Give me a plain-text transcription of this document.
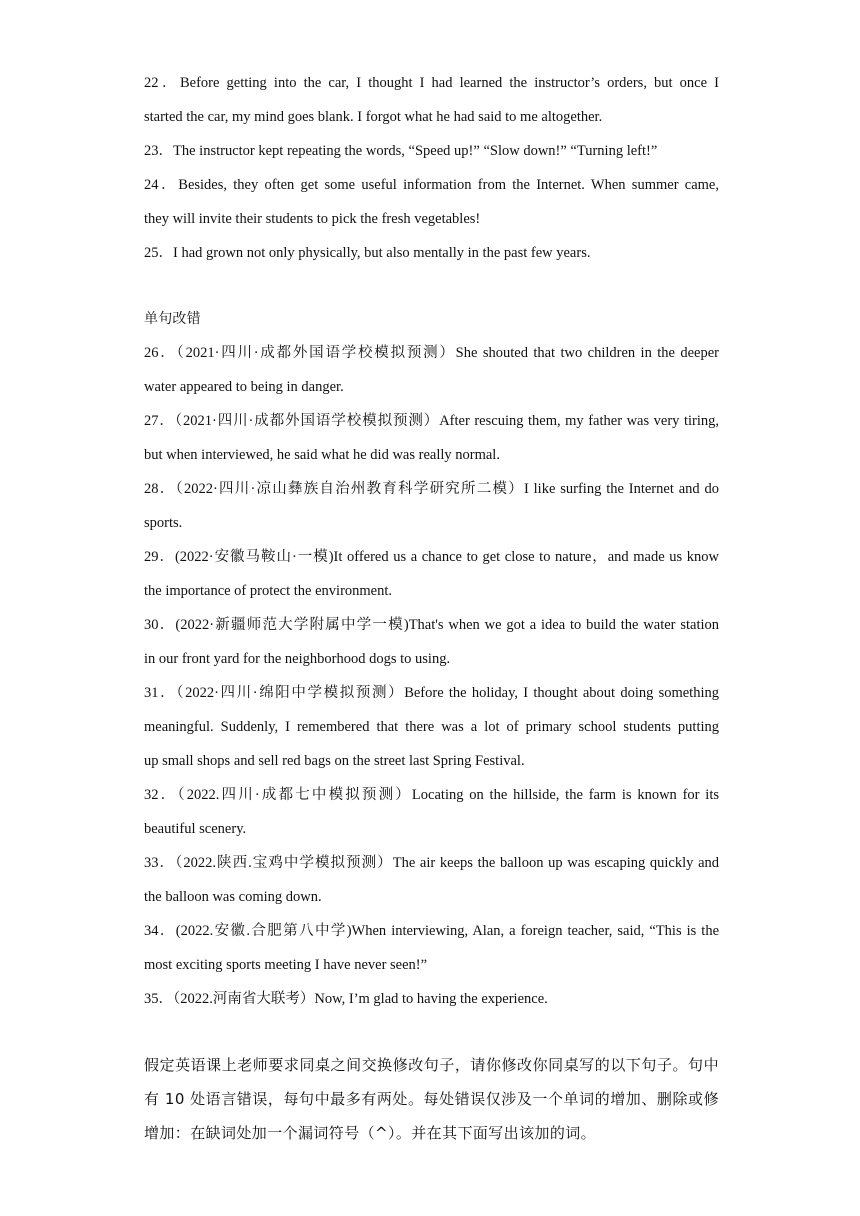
22．Before getting into the car, I thought I had learned the instructor’s orders, but once I
started the car, my mind goes blank. I forgot what he had said to me altogether.
23．The instructor kept repeating the words, “Speed up!” “Slow down!” “Turning left!”
24．Besides, they often get some useful information from the Internet. When summer came,
they will invite their students to pick the fresh vegetables!
25．I had grown not only physically, but also mentally in the past few years.
单句改错
26．（2021·四川·成都外国语学校模拟预测）She shouted that two children in the deeper
water appeared to being in danger.
27．（2021·四川·成都外国语学校模拟预测）After rescuing them, my father was very tiring,
but when interviewed, he said what he did was really normal.
28．（2022·四川·凉山彝族自治州教育科学研究所二模）I like surfing the Internet and do
sports.
29．(2022·安徽马鞍山·一模)It offered us a chance to get close to nature，and made us know
the importance of protect the environment.
30．(2022·新疆师范大学附属中学一模)That's when we got a idea to build the water station
in our front yard for the neighborhood dogs to using.
31．（2022·四川·绵阳中学模拟预测）Before the holiday, I thought about doing something
meaningful. Suddenly, I remembered that there was a lot of primary school students putting
up small shops and sell red bags on the street last Spring Festival.
32．（2022.四川·成都七中模拟预测）Locating on the hillside, the farm is known for its
beautiful scenery.
33．（2022.陕西.宝鸡中学模拟预测）The air keeps the balloon up was escaping quickly and
the balloon was coming down.
34．(2022.安徽.合肥第八中学)When interviewing, Alan, a foreign teacher, said, “This is the
most exciting sports meeting I have never seen!”
35．（2022.河南省大联考）Now, I’m glad to having the experience.
假定英语课上老师要求同桌之间交换修改句子，请你修改你同桌写的以下句子。句中
有 10 处语言错误，每句中最多有两处。每处错误仅涉及一个单词的增加、删除或修
增加：在缺词处加一个漏词符号（^）。并在其下面写出该加的词。
